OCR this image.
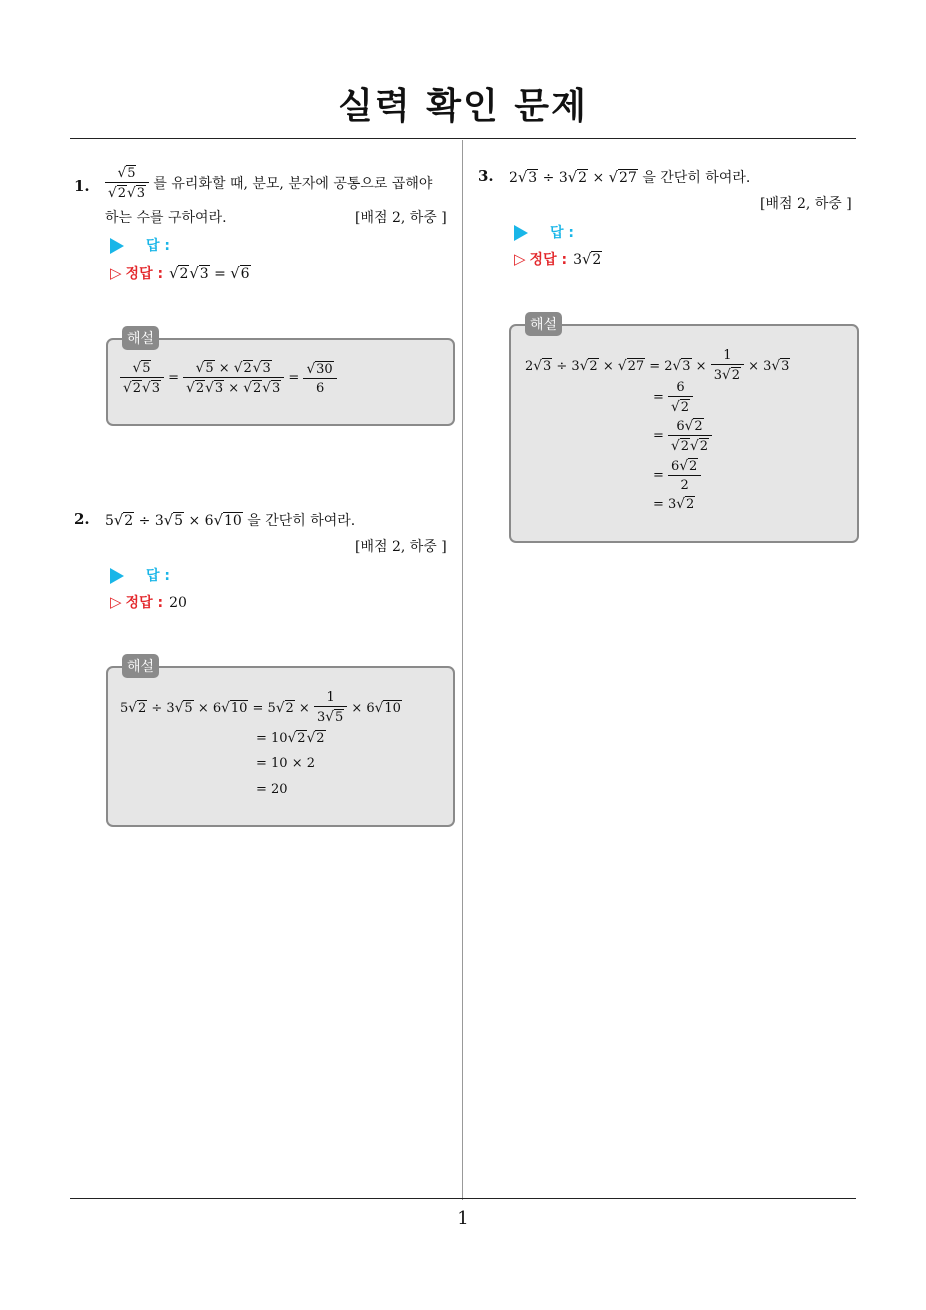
실력 확인 문제
1
1. $\frac{√5}{√2√3}$ 를 유리화할 때, 분모, 분자에 공통으로 곱해야
하는 수를 구하여라.	[배점 2, 하중 ]
답 :
▷ 정답 : √2√3 = √6
해설
$\frac{√5}{√2√3} = \frac{√5 \times √2√3}{√2√3 \times √2√3} = \frac{√30}{6}$
2. 5√2 ÷ 3√5 × 6√10 을 간단히 하여라.
[배점 2, 하중 ]
답 :
▷ 정답 : 20
해설
$5√2 \div 3√5 \times 6√10 = 5√2 \times \frac{1}{3√5} \times 6√10$
= 10√2√2
= 10 × 2
= 20
3. 2√3 ÷ 3√2 × √27 을 간단히 하여라.
[배점 2, 하중 ]
답 :
▷ 정답 : 3√2
해설
$2√3 \div 3√2 \times √27 = 2√3 \times \frac{1}{3√2} \times 3√3$
= $\frac{6}{√2}$
= $\frac{6√2}{√2√2}$
= $\frac{6√2}{2}$
= 3√2
